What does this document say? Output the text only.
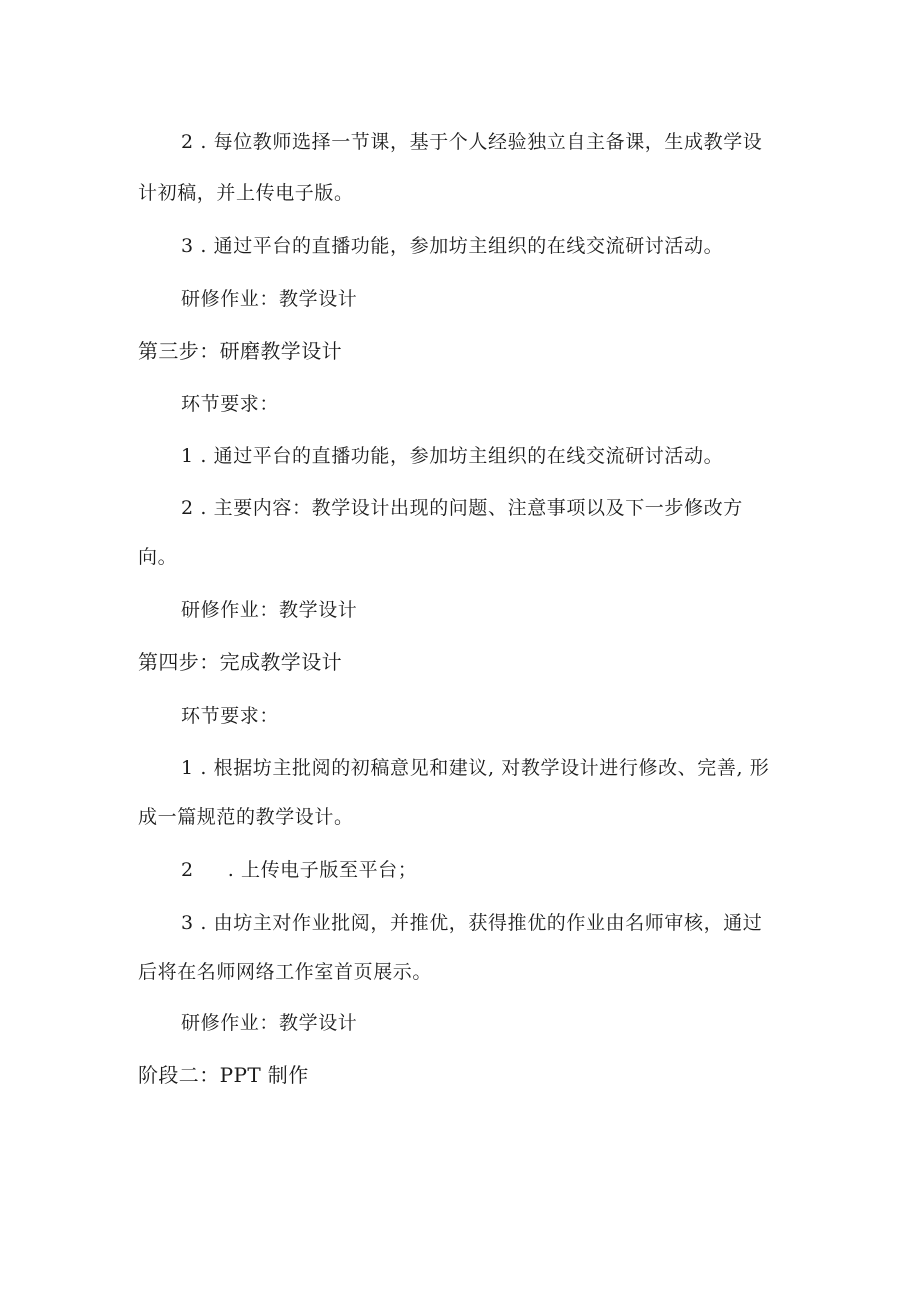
2 . 每位教师选择一节课，基于个人经验独立自主备课，生成教学设
计初稿，并上传电子版。
3 . 通过平台的直播功能，参加坊主组织的在线交流研讨活动。
研修作业：教学设计
第三步：研磨教学设计
环节要求：
1 . 通过平台的直播功能，参加坊主组织的在线交流研讨活动。
2 . 主要内容：教学设计出现的问题、注意事项以及下一步修改方
向。
研修作业：教学设计
第四步：完成教学设计
环节要求：
1 . 根据坊主批阅的初稿意见和建议, 对教学设计进行修改、完善, 形
成一篇规范的教学设计。
2 . 上传电子版至平台；
3 . 由坊主对作业批阅，并推优，获得推优的作业由名师审核，通过
后将在名师网络工作室首页展示。
研修作业：教学设计
阶段二：PPT 制作
